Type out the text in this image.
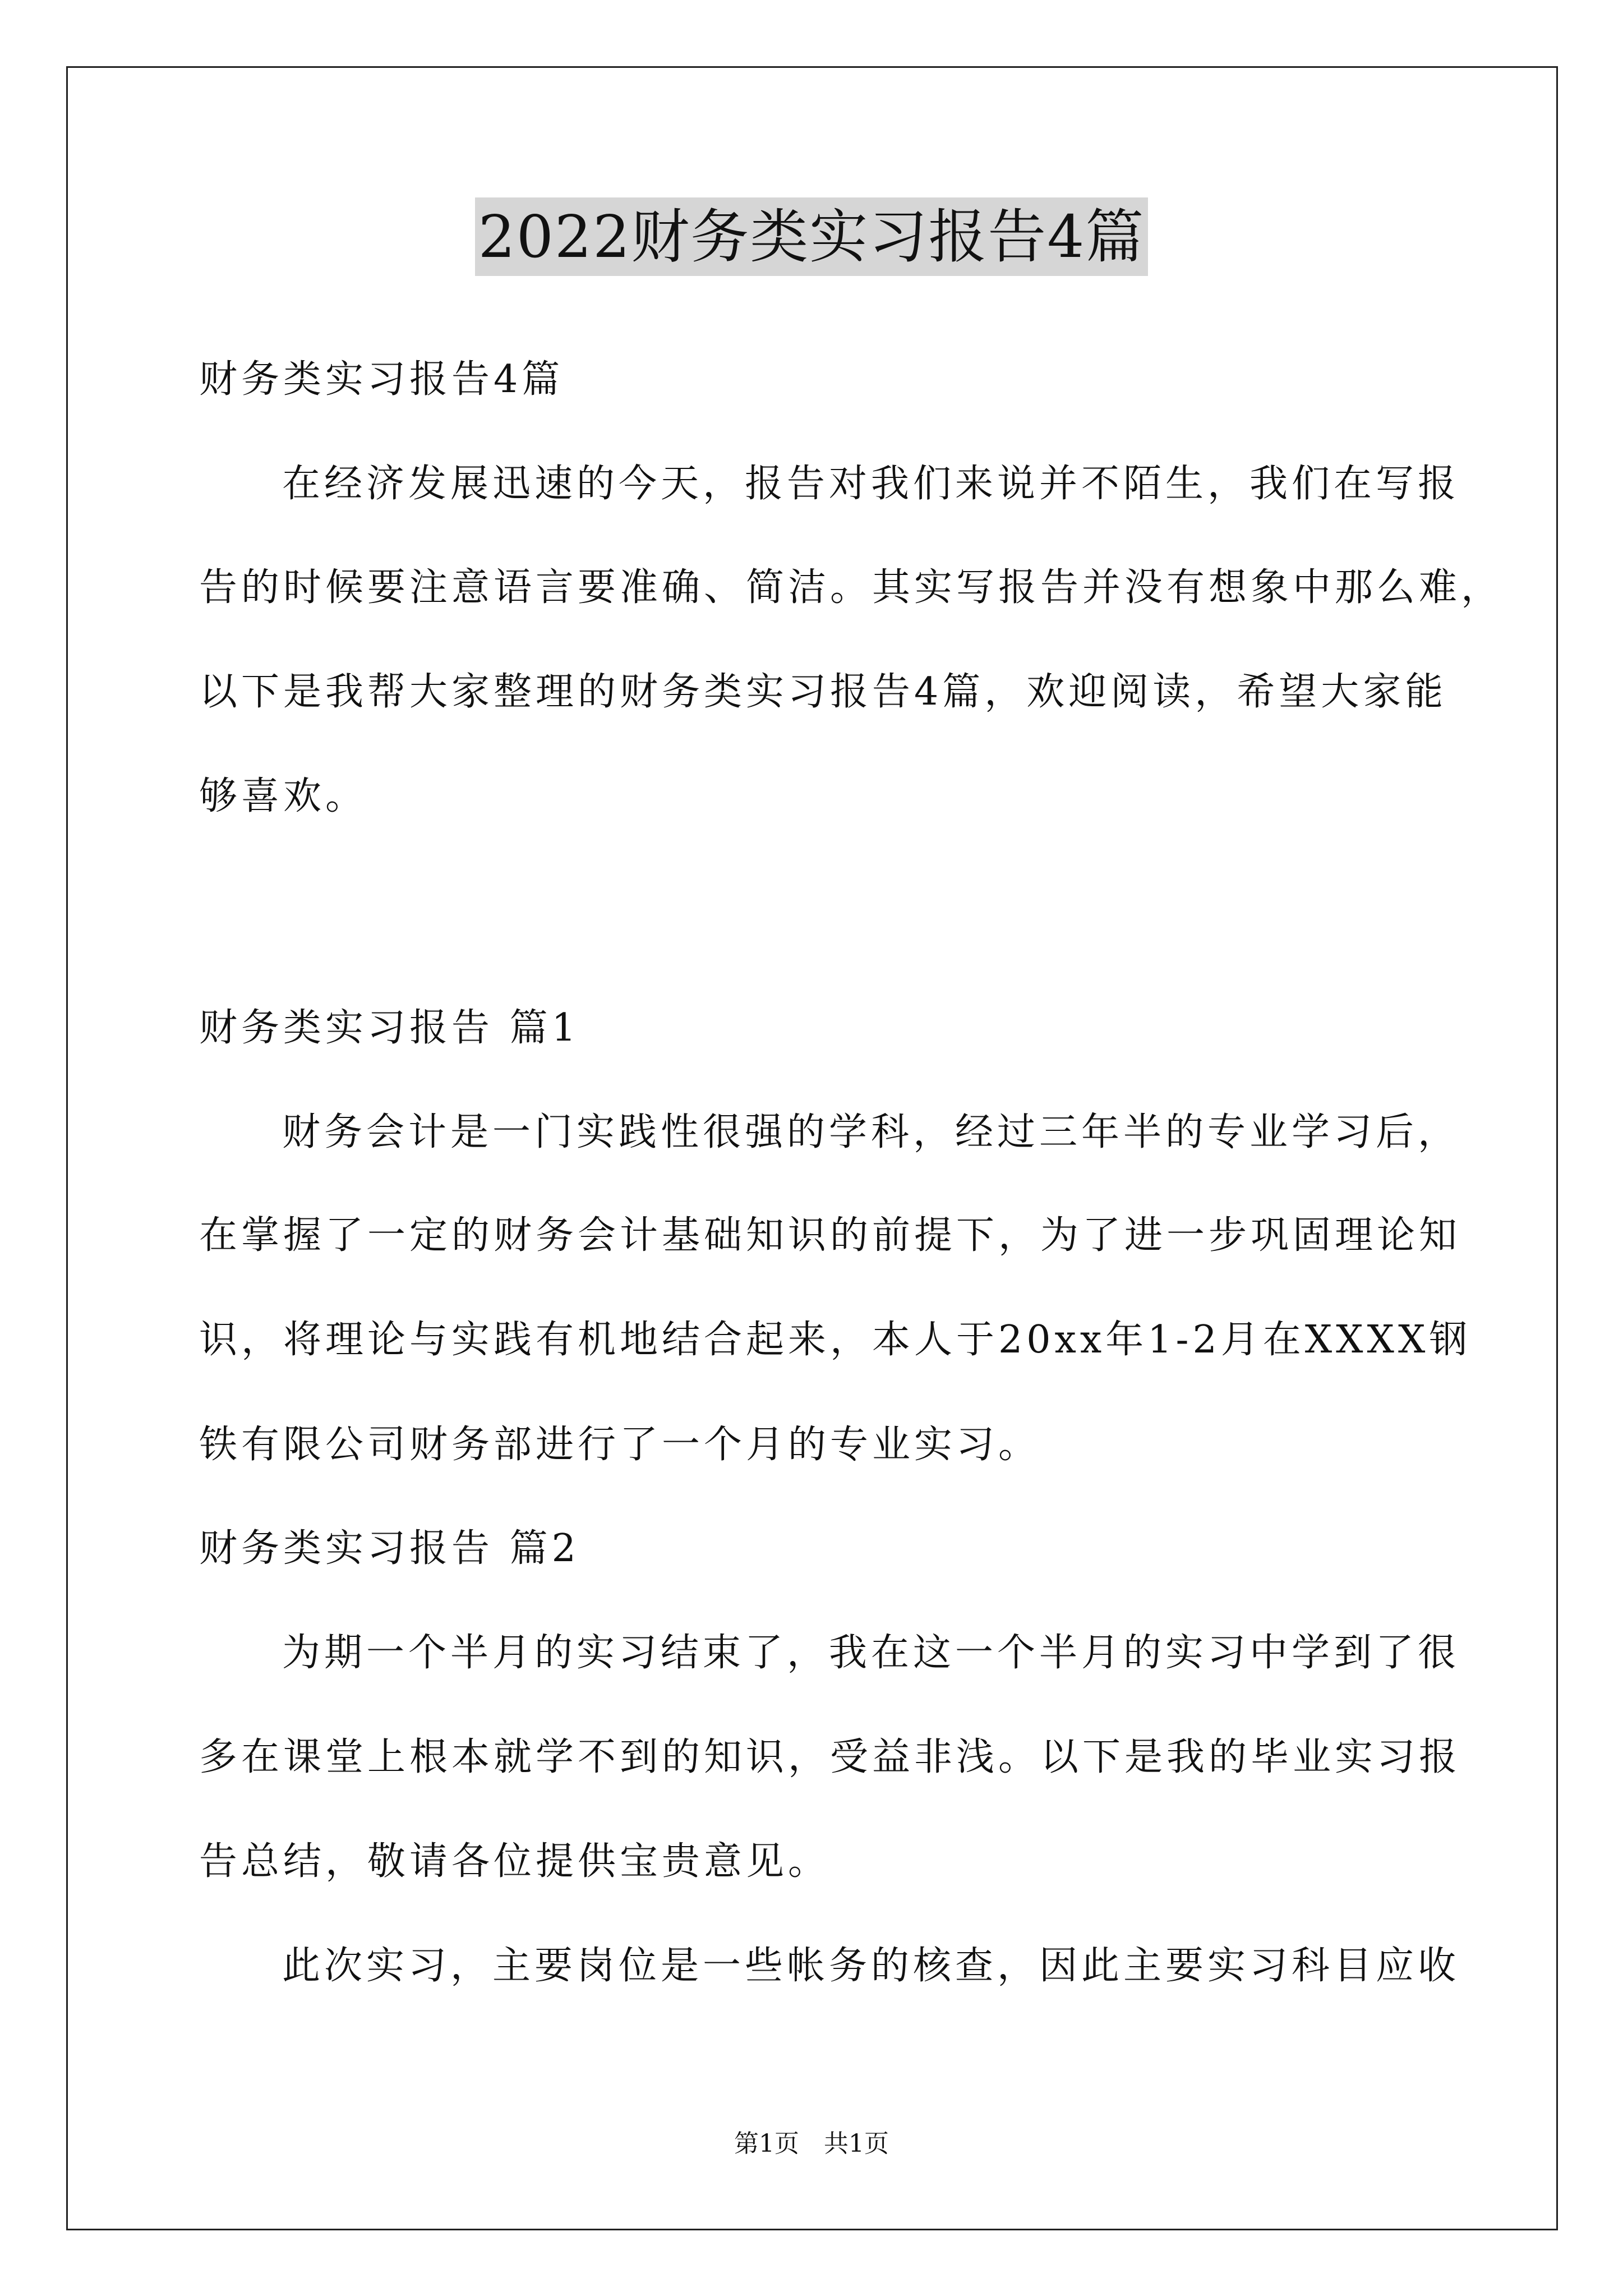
2022财务类实习报告4篇
财务类实习报告4篇
在经济发展迅速的今天，报告对我们来说并不陌生，我们在写报
告的时候要注意语言要准确、简洁。其实写报告并没有想象中那么难，
以下是我帮大家整理的财务类实习报告4篇，欢迎阅读，希望大家能
够喜欢。
财务类实习报告 篇1
财务会计是一门实践性很强的学科，经过三年半的专业学习后，
在掌握了一定的财务会计基础知识的前提下，为了进一步巩固理论知
识，将理论与实践有机地结合起来，本人于20xx年1-2月在XXXX钢
铁有限公司财务部进行了一个月的专业实习。
财务类实习报告 篇2
为期一个半月的实习结束了，我在这一个半月的实习中学到了很
多在课堂上根本就学不到的知识，受益非浅。以下是我的毕业实习报
告总结，敬请各位提供宝贵意见。
此次实习，主要岗位是一些帐务的核查，因此主要实习科目应收
第1页　共1页
